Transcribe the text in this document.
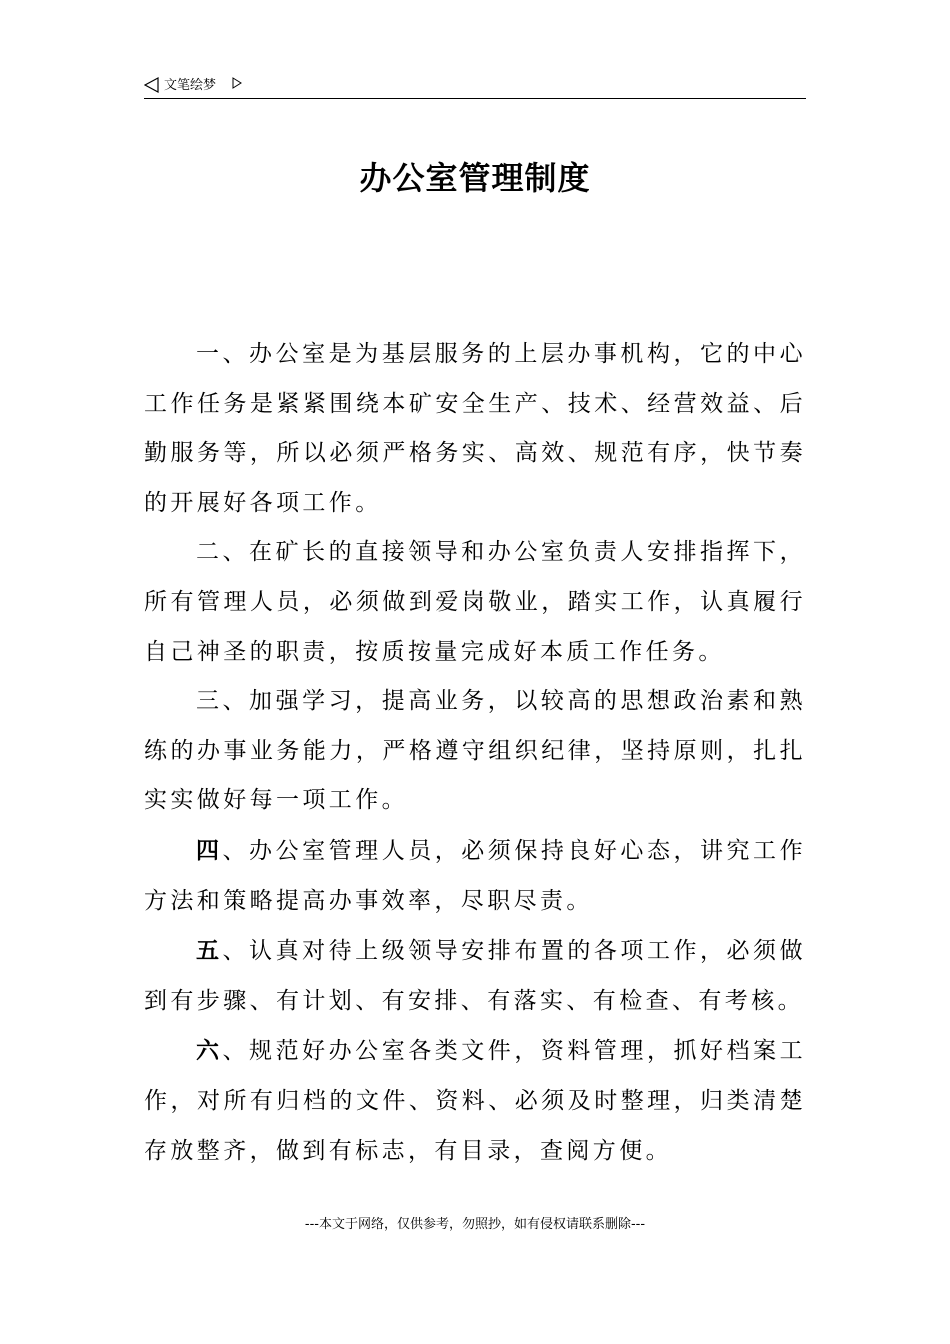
文笔绘梦
办公室管理制度

一、办公室是为基层服务的上层办事机构，它的中心工作任务是紧紧围绕本矿安全生产、技术、经营效益、后勤服务等，所以必须严格务实、高效、规范有序，快节奏的开展好各项工作。

二、在矿长的直接领导和办公室负责人安排指挥下，所有管理人员，必须做到爱岗敬业，踏实工作，认真履行自己神圣的职责，按质按量完成好本质工作任务。

三、加强学习，提高业务，以较高的思想政治素和熟练的办事业务能力，严格遵守组织纪律，坚持原则，扎扎实实做好每一项工作。

四、办公室管理人员，必须保持良好心态，讲究工作方法和策略提高办事效率，尽职尽责。

五、认真对待上级领导安排布置的各项工作，必须做到有步骤、有计划、有安排、有落实、有检查、有考核。

六、规范好办公室各类文件，资料管理，抓好档案工作，对所有归档的文件、资料、必须及时整理，归类清楚存放整齐，做到有标志，有目录，查阅方便。

---本文于网络，仅供参考，勿照抄，如有侵权请联系删除---
